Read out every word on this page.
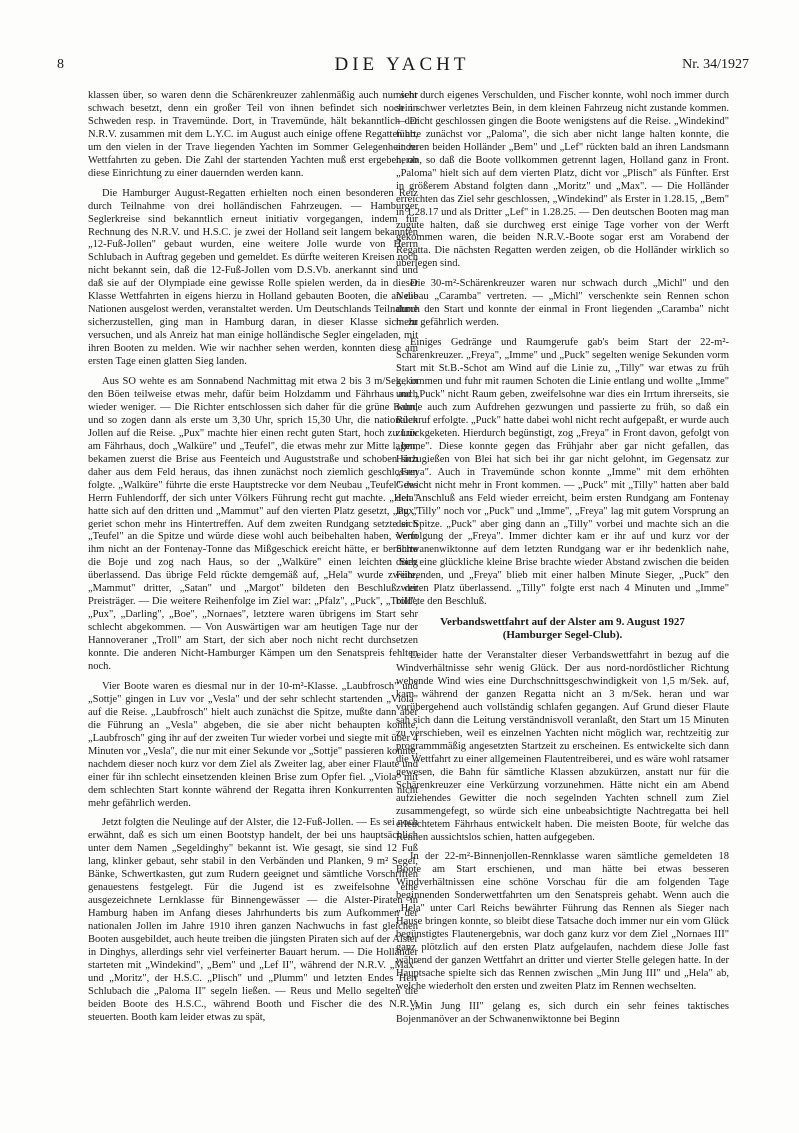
8	DIE YACHT	Nr. 34/1927

klassen über, so waren denn die Schärenkreuzer zahlenmäßig auch nur sehr schwach besetzt, denn ein großer Teil von ihnen befindet sich noch in Schweden resp. in Travemünde. Dort, in Travemünde, hält bekanntlich der N.R.V. zusammen mit dem L.Y.C. im August auch einige offene Regatten ab, um den vielen in der Trave liegenden Yachten im Sommer Gelegenheit zu Wettfahrten zu geben. Die Zahl der startenden Yachten muß erst ergeben, ob diese Einrichtung zu einer dauernden werden kann.

Die Hamburger August-Regatten erhielten noch einen besonderen Reiz durch Teilnahme von drei holländischen Fahrzeugen. — Hamburger Seglerkreise sind bekanntlich erneut initiativ vorgegangen, indem für Rechnung des N.R.V. und H.S.C. je zwei der Holland seit langem bekannten „12-Fuß-Jollen" gebaut wurden, eine weitere Jolle wurde von Herrn Schlubach in Auftrag gegeben und gemeldet. Es dürfte weiteren Kreisen noch nicht bekannt sein, daß die 12-Fuß-Jollen vom D.S.Vb. anerkannt sind und daß sie auf der Olympiade eine gewisse Rolle spielen werden, da in dieser Klasse Wettfahrten in eigens hierzu in Holland gebauten Booten, die an die Nationen ausgelost werden, veranstaltet werden. Um Deutschlands Teilnahme sicherzustellen, ging man in Hamburg daran, in dieser Klasse sich zu versuchen, und als Anreiz hat man einige holländische Segler eingeladen, mit ihren Booten zu melden. Wie wir nachher sehen werden, konnten diese am ersten Tage einen glatten Sieg landen.

Aus SO wehte es am Sonnabend Nachmittag mit etwa 2 bis 3 m/Sek., in den Böen teilweise etwas mehr, dafür beim Holzdamm und Fährhaus auch wieder weniger. — Die Richter entschlossen sich daher für die grüne Bahn, und so zogen dann als erste um 3,30 Uhr, sprich 15,30 Uhr, die nationalen Jollen auf die Reise. „Pux" machte hier einen recht guten Start, hoch zu Luv am Fährhaus, doch „Walküre" und „Teufel", die etwas mehr zur Mitte lagen, bekamen zuerst die Brise aus Feenteich und Auguststraße und schoben sich daher aus dem Feld heraus, das ihnen zunächst noch ziemlich geschlossen folgte. „Walküre" führte die erste Hauptstrecke vor dem Neubau „Teufel" des Herrn Fuhlendorff, der sich unter Völkers Führung recht gut machte. „Hela" hatte sich auf den dritten und „Mammut" auf den vierten Platz gesetzt, „Pux" geriet schon mehr ins Hintertreffen. Auf dem zweiten Rundgang setzte sich „Teufel" an die Spitze und würde diese wohl auch beibehalten haben, wenn ihm nicht an der Fontenay-Tonne das Mißgeschick ereicht hätte, er berührte die Boje und zog nach Haus, so der „Walküre" einen leichten Sieg überlassend. Das übrige Feld rückte demgemäß auf, „Hela" wurde zweite, „Mammut" dritter, „Satan" und „Margot" bildeten den Beschluß der Preisträger. — Die weitere Reihenfolge im Ziel war: „Pfalz", „Puck", „Troll", „Pux", „Darling", „Boe", „Nornaes", letztere waren übrigens im Start sehr schlecht abgekommen. — Von Auswärtigen war am heutigen Tage nur der Hannoveraner „Troll" am Start, der sich aber noch nicht recht durchsetzen konnte. Die anderen Nicht-Hamburger Kämpen um den Senatspreis fehlten noch.

Vier Boote waren es diesmal nur in der 10-m²-Klasse. „Laubfrosch" und „Sottje" gingen in Luv vor „Vesla" und der sehr schlecht startenden „Viola" auf die Reise. „Laubfrosch" hielt auch zunächst die Spitze, mußte dann aber die Führung an „Vesla" abgeben, die sie aber nicht behaupten konnte, „Laubfrosch" ging ihr auf der zweiten Tur wieder vorbei und siegte mit über 4 Minuten vor „Vesla", die nur mit einer Sekunde vor „Sottje" passieren konnte, nachdem dieser noch kurz vor dem Ziel als Zweiter lag, aber einer Flaute und einer für ihn schlecht einsetzenden kleinen Brise zum Opfer fiel. „Viola" mit dem schlechten Start konnte während der Regatta ihren Konkurrenten nicht mehr gefährlich werden.

Jetzt folgten die Neulinge auf der Alster, die 12-Fuß-Jollen. — Es sei noch erwähnt, daß es sich um einen Bootstyp handelt, der bei uns hauptsächlich unter dem Namen „Segeldinghy" bekannt ist. Wie gesagt, sie sind 12 Fuß lang, klinker gebaut, sehr stabil in den Verbänden und Planken, 9 m² Segel, Bänke, Schwertkasten, gut zum Rudern geeignet und sämtliche Vorschriften genauestens festgelegt. Für die Jugend ist es zweifelsohne eine ausgezeichnete Lernklasse für Binnengewässer — die Alster-Piraten in Hamburg haben im Anfang dieses Jahrhunderts bis zum Aufkommen der nationalen Jollen im Jahre 1910 ihren ganzen Nachwuchs in fast gleichen Booten ausgebildet, auch heute treiben die jüngsten Piraten sich auf der Alster in Dinghys, allerdings sehr viel verfeinerter Bauart herum. — Die Holländer starteten mit „Windekind", „Bem" und „Lef II", während der N.R.V. „Max" und „Moritz", der H.S.C. „Plisch" und „Plumm" und letzten Endes Herr Schlubach die „Paloma II" segeln ließen. — Reus und Mello segelten die beiden Boote des H.S.C., während Booth und Fischer die des N.R.V. steuerten. Booth kam leider etwas zu spät,

nicht durch eigenes Verschulden, und Fischer konnte, wohl noch immer durch sein schwer verletztes Bein, in dem kleinen Fahrzeug nicht zustande kommen. — Dicht geschlossen gingen die Boote wenigstens auf die Reise. „Windekind" führte zunächst vor „Paloma", die sich aber nicht lange halten konnte, die anderen beiden Holländer „Bem" und „Lef" rückten bald an ihren Landsmann heran, so daß die Boote vollkommen getrennt lagen, Holland ganz in Front. „Paloma" hielt sich auf dem vierten Platz, dicht vor „Plisch" als Fünfter. Erst in größerem Abstand folgten dann „Moritz" und „Max". — Die Holländer erreichten das Ziel sehr geschlossen, „Windekind" als Erster in 1.28.15, „Bem" in 1.28.17 und als Dritter „Lef" in 1.28.25. — Den deutschen Booten mag man zugute halten, daß sie durchweg erst einige Tage vorher von der Werft gekommen waren, die beiden N.R.V.-Boote sogar erst am Vorabend der Regatta. Die nächsten Regatten werden zeigen, ob die Holländer wirklich so überlegen sind.

Die 30-m²-Schärenkreuzer waren nur schwach durch „Michl" und den Neubau „Caramba" vertreten. — „Michl" verschenkte sein Rennen schon durch den Start und konnte der einmal in Front liegenden „Caramba" nicht mehr gefährlich werden.

Einiges Gedränge und Raumgerufe gab's beim Start der 22-m²-Schärenkreuzer. „Freya", „Imme" und „Puck" segelten wenige Sekunden vorm Start mit St.B.-Schot am Wind auf die Linie zu, „Tilly" war etwas zu früh gekommen und fuhr mit raumen Schoten die Linie entlang und wollte „Imme" und „Puck" nicht Raum geben, zweifelsohne war dies ein Irrtum ihrerseits, sie wurde auch zum Aufdrehen gezwungen und passierte zu früh, so daß ein Rückruf erfolgte. „Puck" hatte dabei wohl nicht recht aufgepaßt, er wurde auch zurückgeketen. Hierdurch begünstigt, zog „Freya" in Front davon, gefolgt von „Imme". Diese konnte gegen das Frühjahr aber gar nicht gefallen, das Hinzugießen von Blei hat sich bei ihr gar nicht gelohnt, im Gegensatz zur „Freya". Auch in Travemünde schon konnte „Imme" mit dem erhöhten Gewicht nicht mehr in Front kommen. — „Puck" mit „Tilly" hatten aber bald den Anschluß ans Feld wieder erreicht, beim ersten Rundgang am Fontenay lag „Tilly" noch vor „Puck" und „Imme", „Freya" lag mit gutem Vorsprung an der Spitze. „Puck" aber ging dann an „Tilly" vorbei und machte sich an die Verfolgung der „Freya". Immer dichter kam er ihr auf und kurz vor der Schwanenwiktonne auf dem letzten Rundgang war er ihr bedenklich nahe, doch eine glückliche kleine Brise brachte wieder Abstand zwischen die beiden Führenden, und „Freya" blieb mit einer halben Minute Sieger, „Puck" den zweiten Platz überlassend. „Tilly" folgte erst nach 4 Minuten und „Imme" bildete den Beschluß.

Verbandswettfahrt auf der Alster am 9. August 1927
(Hamburger Segel-Club).

Leider hatte der Veranstalter dieser Verbandswettfahrt in bezug auf die Windverhältnisse sehr wenig Glück. Der aus nord-nordöstlicher Richtung wehende Wind wies eine Durchschnittsgeschwindigkeit von 1,5 m/Sek. auf, kam während der ganzen Regatta nicht an 3 m/Sek. heran und war vorübergehend auch vollständig schlafen gegangen. Auf Grund dieser Flaute sah sich dann die Leitung verständnisvoll veranlaßt, den Start um 15 Minuten zu verschieben, weil es einzelnen Yachten nicht möglich war, rechtzeitig zur programmmäßig angesetzten Startzeit zu erscheinen. Es entwickelte sich dann die Wettfahrt zu einer allgemeinen Flautentreiberei, und es wäre wohl ratsamer gewesen, die Bahn für sämtliche Klassen abzukürzen, anstatt nur für die Schärenkreuzer eine Verkürzung vorzunehmen. Hätte nicht ein am Abend aufziehendes Gewitter die noch segelnden Yachten schnell zum Ziel zusammengefegt, so würde sich eine unbeabsichtigte Nachtregatta bei hell erleuchtetem Fährhaus entwickelt haben. Die meisten Boote, für welche das Rennen aussichtslos schien, hatten aufgegeben.

In der 22-m²-Binnenjollen-Rennklasse waren sämtliche gemeldeten 18 Boote am Start erschienen, und man hätte bei etwas besseren Windverhältnissen eine schöne Vorschau für die am folgenden Tage beginnenden Sonderwettfahrten um den Senatspreis gehabt. Wenn auch die „Hela" unter Carl Reichs bewährter Führung das Rennen als Sieger nach Hause bringen konnte, so bleibt diese Tatsache doch immer nur ein vom Glück begünstigtes Flautenergebnis, war doch ganz kurz vor dem Ziel „Nornaes III" ganz plötzlich auf den ersten Platz aufgelaufen, nachdem diese Jolle fast während der ganzen Wettfahrt an dritter und vierter Stelle gelegen hatte. In der Hauptsache spielte sich das Rennen zwischen „Min Jung III" und „Hela" ab, welche wiederholt den ersten und zweiten Platz im Rennen wechselten.

„Min Jung III" gelang es, sich durch ein sehr feines taktisches Bojenmanöver an der Schwanenwiktonne bei Beginn
